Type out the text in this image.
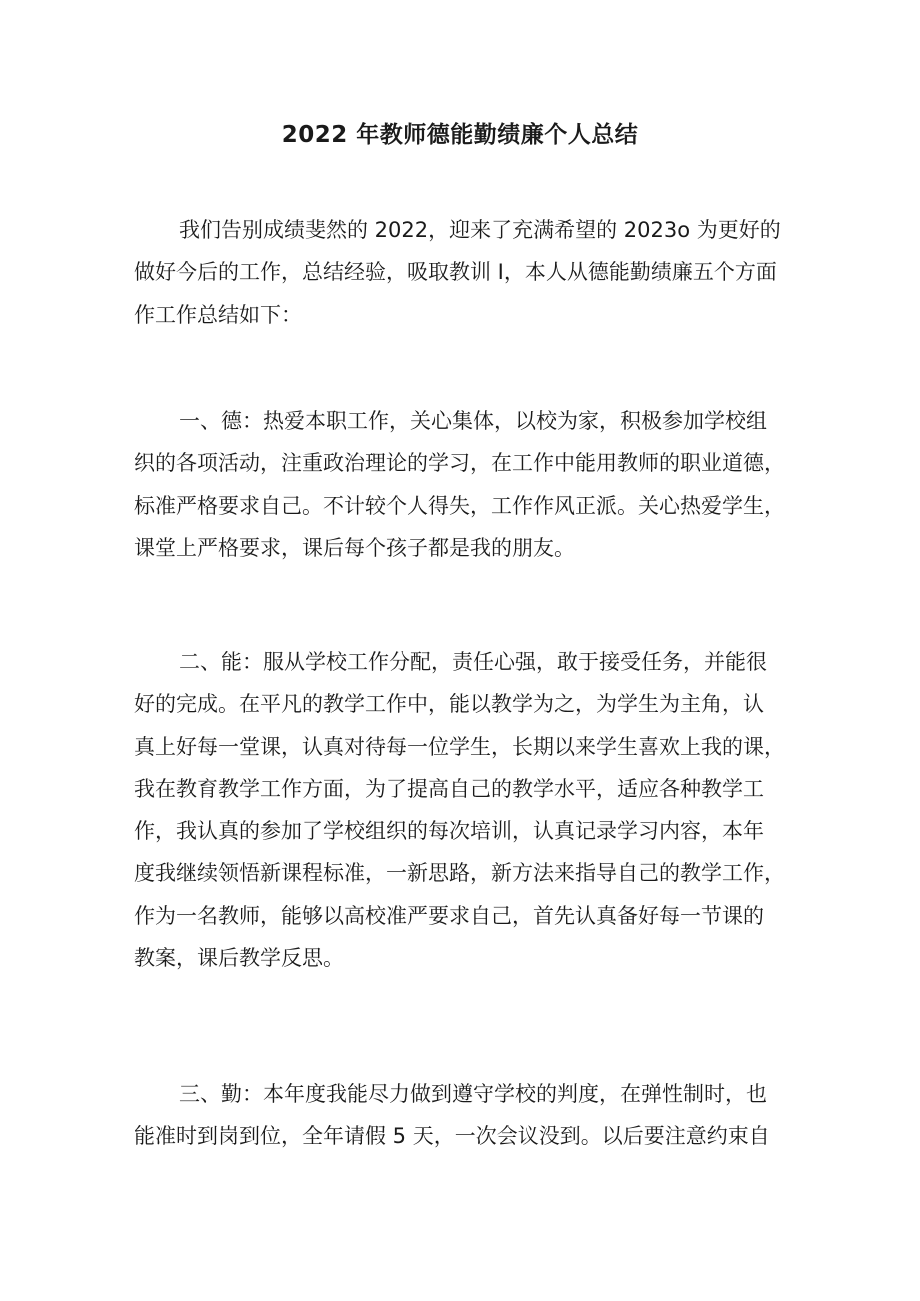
2022 年教师德能勤绩廉个人总结
我们告别成绩斐然的 2022，迎来了充满希望的 2023o 为更好的
做好今后的工作，总结经验，吸取教训 I，本人从德能勤绩廉五个方面
作工作总结如下：
一、德：热爱本职工作，关心集体，以校为家，积极参加学校组
织的各项活动，注重政治理论的学习，在工作中能用教师的职业道德，
标准严格要求自己。不计较个人得失，工作作风正派。关心热爱学生，
课堂上严格要求，课后每个孩子都是我的朋友。
二、能：服从学校工作分配，责任心强，敢于接受任务，并能很
好的完成。在平凡的教学工作中，能以教学为之，为学生为主角，认
真上好每一堂课，认真对待每一位学生，长期以来学生喜欢上我的课，
我在教育教学工作方面，为了提高自己的教学水平，适应各种教学工
作，我认真的参加了学校组织的每次培训，认真记录学习内容，本年
度我继续领悟新课程标准，一新思路，新方法来指导自己的教学工作，
作为一名教师，能够以高校准严要求自己，首先认真备好每一节课的
教案，课后教学反思。
三、勤：本年度我能尽力做到遵守学校的判度，在弹性制时，也
能准时到岗到位，全年请假 5 天，一次会议没到。以后要注意约束自
